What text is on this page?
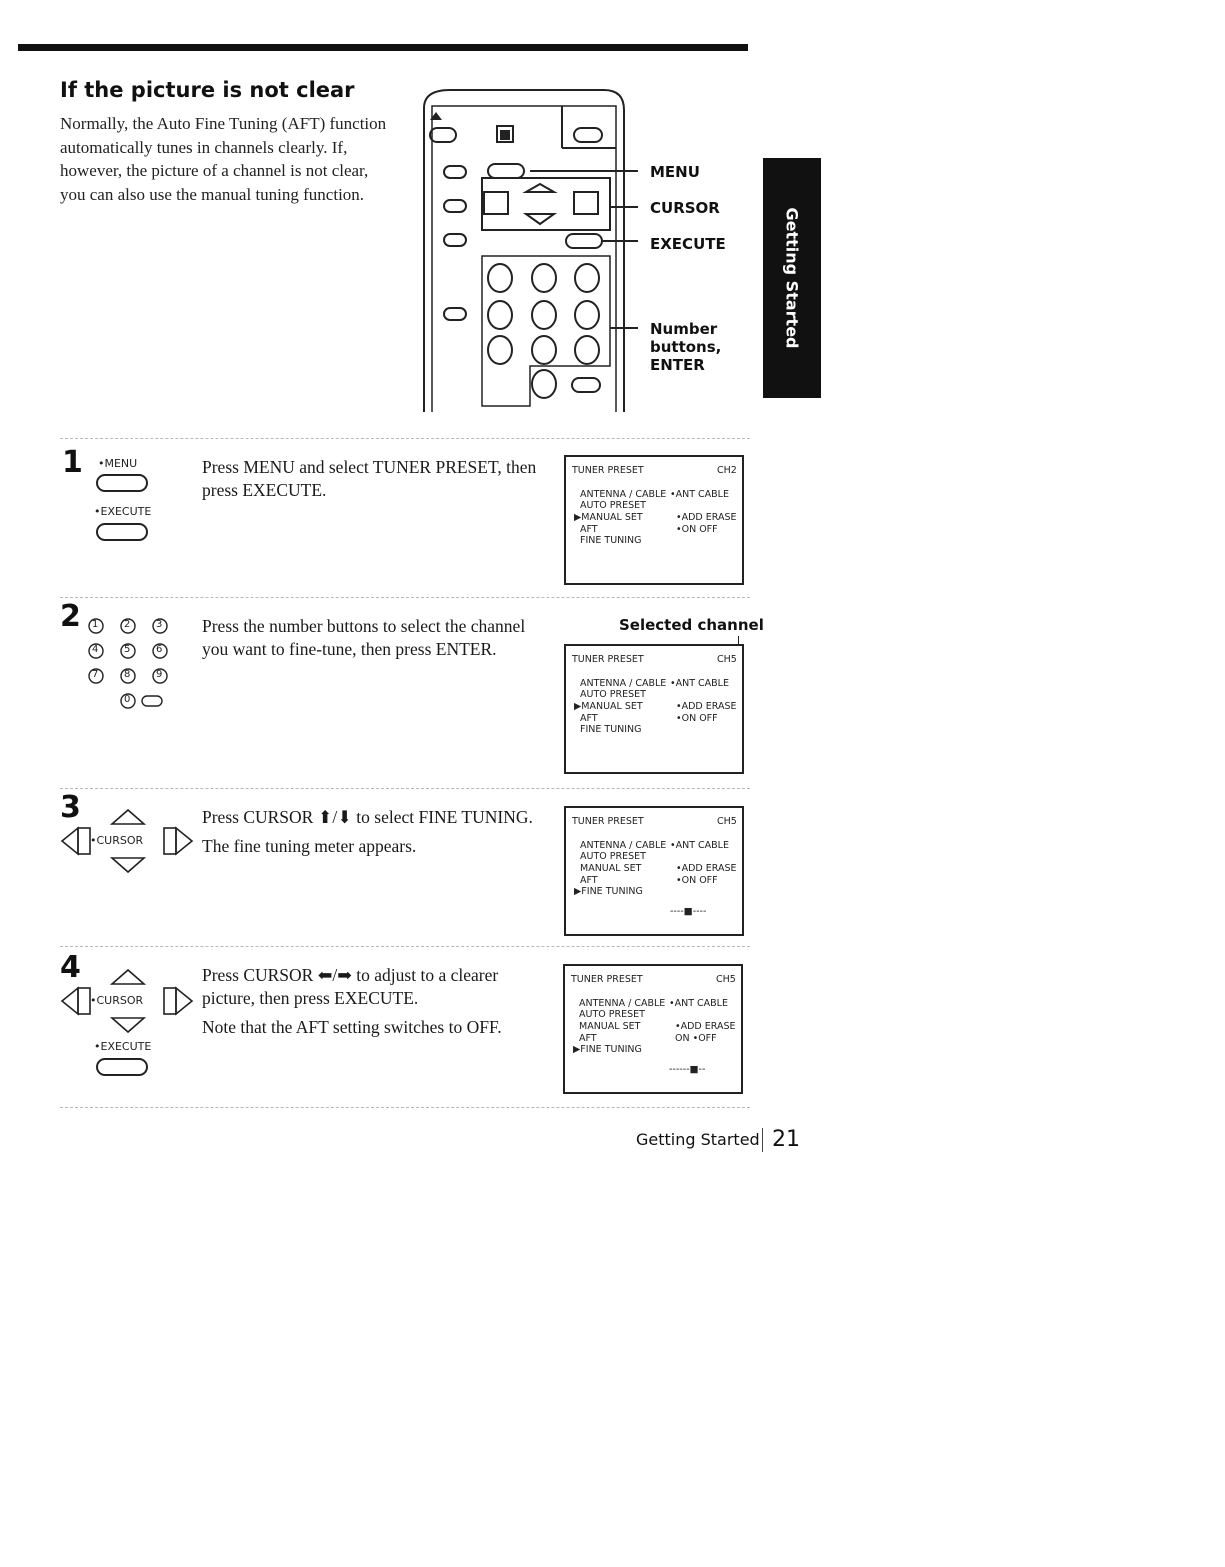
If the picture is not clear

Normally, the Auto Fine Tuning (AFT) function automatically tunes in channels clearly. If, however, the picture of a channel is not clear, you can also use the manual tuning function.

MENU
CURSOR
EXECUTE
Number
buttons,
ENTER
Getting Started
1 •MENU
•EXECUTE

Press MENU and select TUNER PRESET, then press EXECUTE.

TUNER PRESET	CH2
ANTENNA / CABLE •ANT CABLE
AUTO PRESET
▶MANUAL SET	•ADD ERASE
AFT	•ON OFF
FINE TUNING
2 1	2	3
4	5	6
7	8	9
0

Press the number buttons to select the channel you want to fine-tune, then press ENTER.

Selected channel
TUNER PRESET	CH5
ANTENNA / CABLE •ANT CABLE
AUTO PRESET
▶MANUAL SET	•ADD ERASE
AFT	•ON OFF
FINE TUNING
3
•CURSOR

Press CURSOR ⬆/⬇ to select FINE TUNING.

The fine tuning meter appears.

TUNER PRESET	CH5
ANTENNA / CABLE •ANT CABLE
AUTO PRESET
MANUAL SET	•ADD ERASE
AFT	•ON OFF
▶FINE TUNING
----■----
4
•CURSOR
•EXECUTE

Press CURSOR ⬅/➡ to adjust to a clearer picture, then press EXECUTE.

Note that the AFT setting switches to OFF.

TUNER PRESET	CH5
ANTENNA / CABLE •ANT CABLE
AUTO PRESET
MANUAL SET	•ADD ERASE
AFT	ON •OFF
▶FINE TUNING
------■--
Getting Started 21
